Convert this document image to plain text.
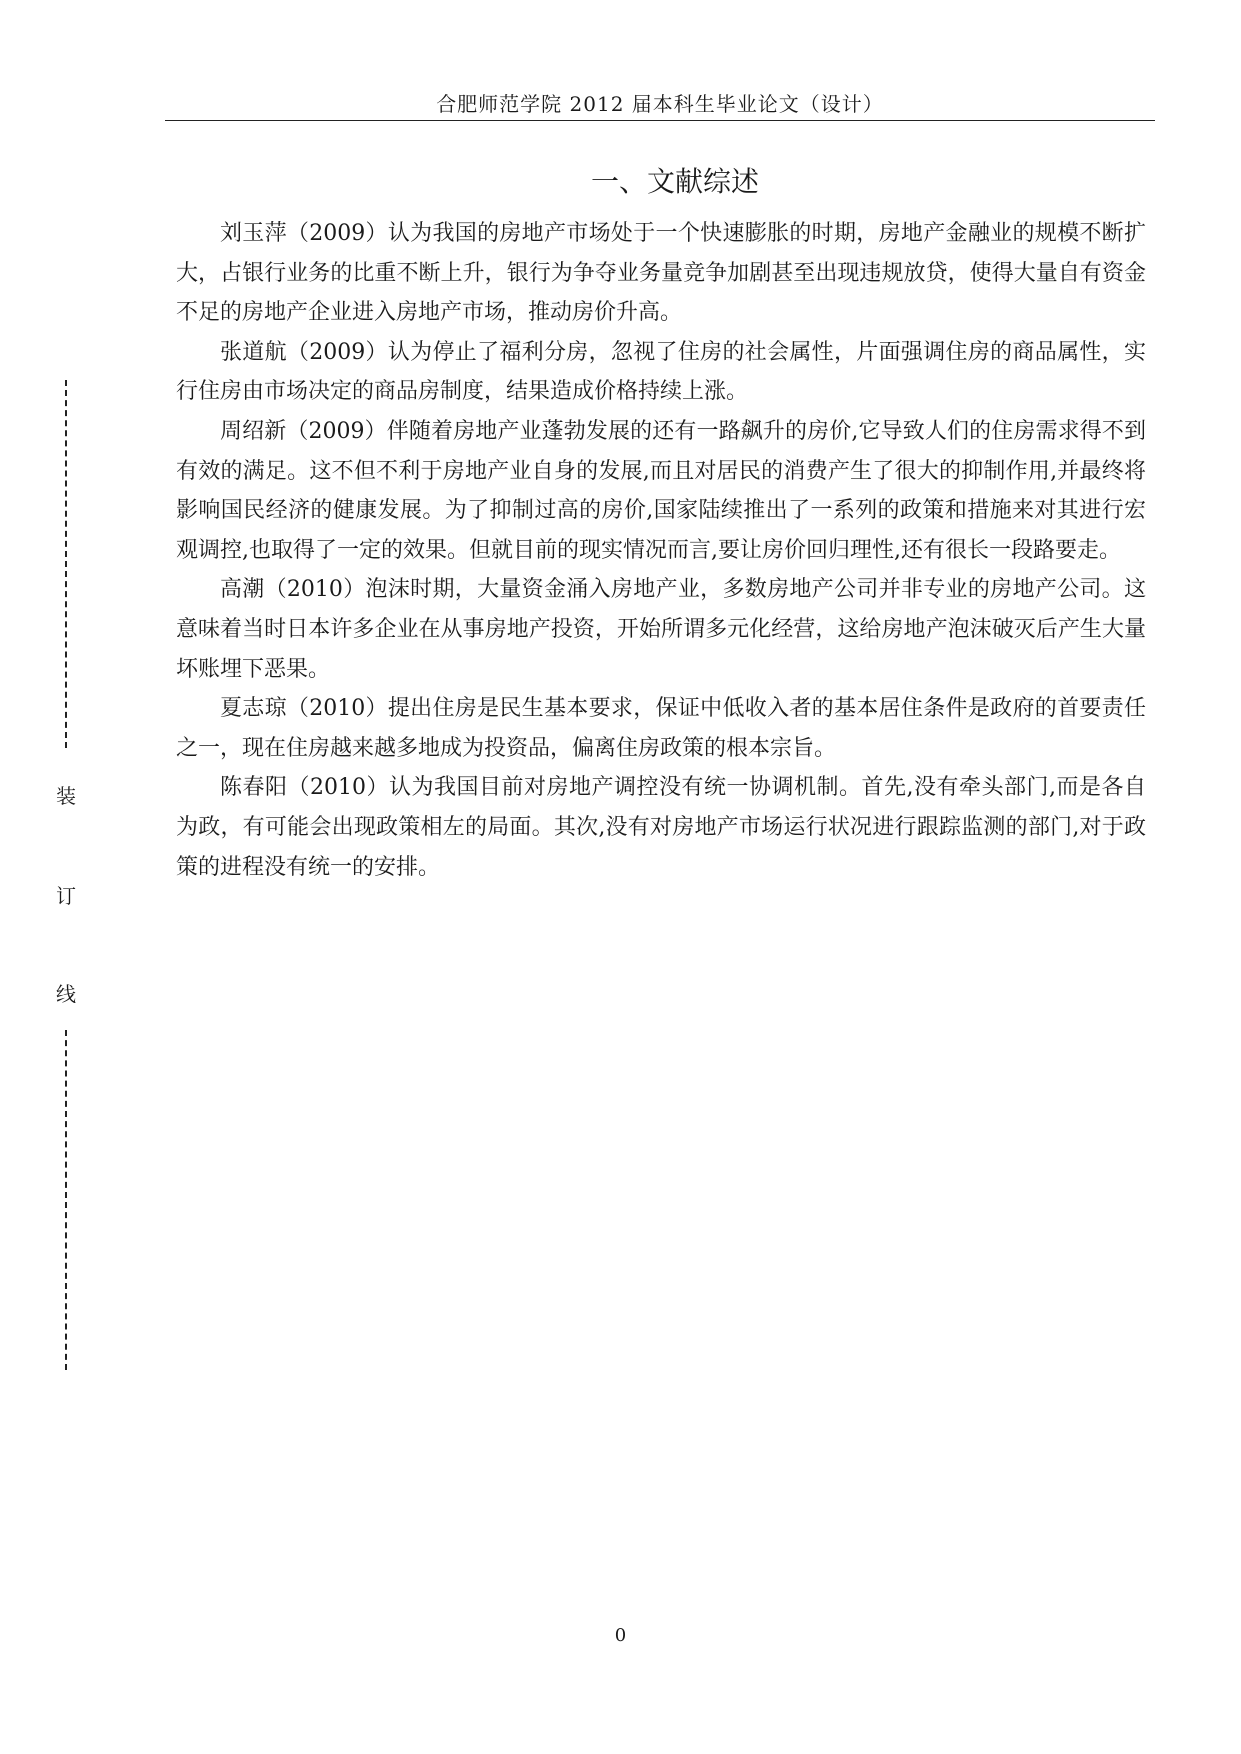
合肥师范学院 2012 届本科生毕业论文（设计）
一、文献综述

刘玉萍（2009）认为我国的房地产市场处于一个快速膨胀的时期，房地产金融业的规模不断扩大，占银行业务的比重不断上升，银行为争夺业务量竞争加剧甚至出现违规放贷，使得大量自有资金不足的房地产企业进入房地产市场，推动房价升高。

张道航（2009）认为停止了福利分房，忽视了住房的社会属性，片面强调住房的商品属性，实行住房由市场决定的商品房制度，结果造成价格持续上涨。

周绍新（2009）伴随着房地产业蓬勃发展的还有一路飙升的房价,它导致人们的住房需求得不到有效的满足。这不但不利于房地产业自身的发展,而且对居民的消费产生了很大的抑制作用,并最终将影响国民经济的健康发展。为了抑制过高的房价,国家陆续推出了一系列的政策和措施来对其进行宏观调控,也取得了一定的效果。但就目前的现实情况而言,要让房价回归理性,还有很长一段路要走。

高潮（2010）泡沫时期，大量资金涌入房地产业，多数房地产公司并非专业的房地产公司。这意味着当时日本许多企业在从事房地产投资，开始所谓多元化经营，这给房地产泡沫破灭后产生大量坏账埋下恶果。

夏志琼（2010）提出住房是民生基本要求，保证中低收入者的基本居住条件是政府的首要责任之一，现在住房越来越多地成为投资品，偏离住房政策的根本宗旨。

陈春阳（2010）认为我国目前对房地产调控没有统一协调机制。首先,没有牵头部门,而是各自为政，有可能会出现政策相左的局面。其次,没有对房地产市场运行状况进行跟踪监测的部门,对于政策的进程没有统一的安排。

装
订
线
0
